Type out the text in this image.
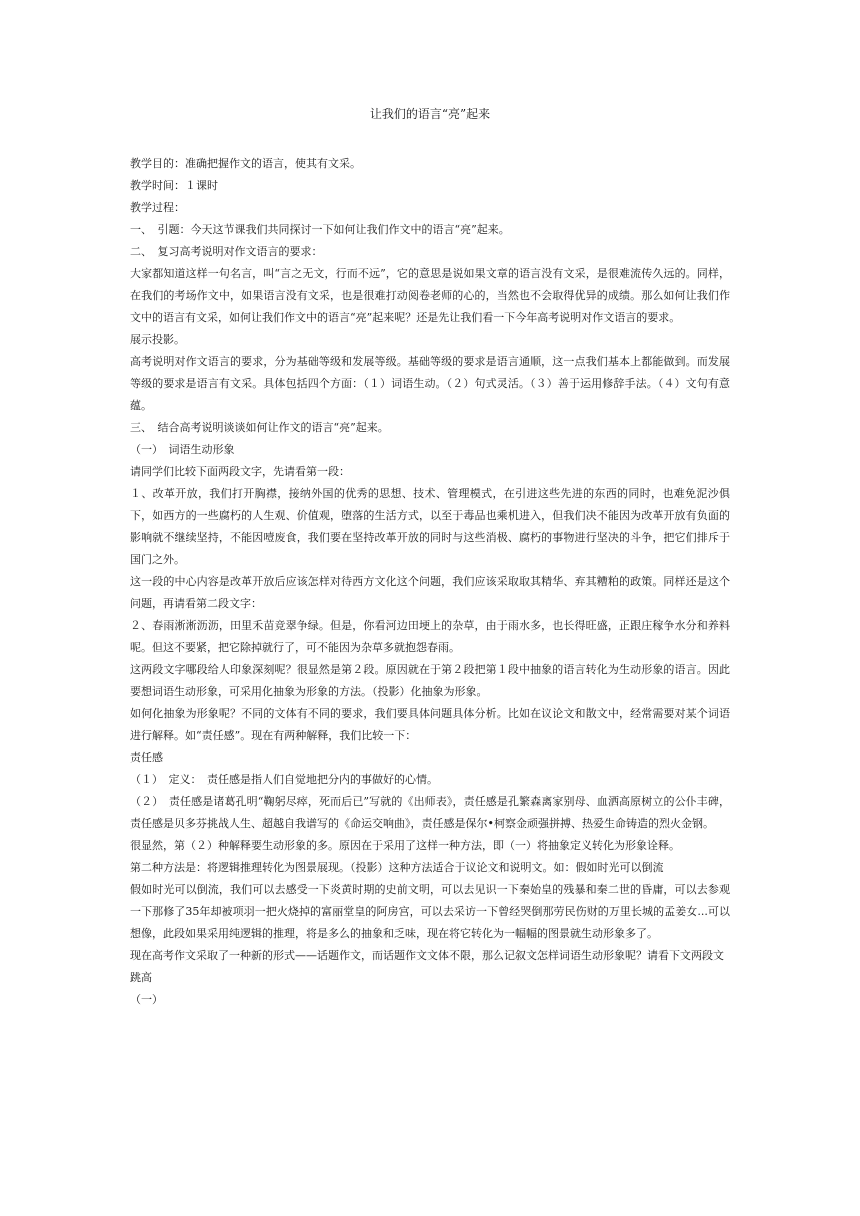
让我们的语言“亮”起来

教学目的：准确把握作文的语言，使其有文采。

教学时间：１课时

教学过程：

一、　引题：今天这节课我们共同探讨一下如何让我们作文中的语言“亮”起来。

二、　复习高考说明对作文语言的要求：

大家都知道这样一句名言，叫“言之无文，行而不远”，它的意思是说如果文章的语言没有文采，是很难流传久远的。同样，在我们的考场作文中，如果语言没有文采，也是很难打动阅卷老师的心的，当然也不会取得优异的成绩。那么如何让我们作文中的语言有文采，如何让我们作文中的语言“亮”起来呢？还是先让我们看一下今年高考说明对作文语言的要求。

展示投影。

高考说明对作文语言的要求，分为基础等级和发展等级。基础等级的要求是语言通顺，这一点我们基本上都能做到。而发展等级的要求是语言有文采。具体包括四个方面：（１）词语生动。（２）句式灵活。（３）善于运用修辞手法。（４）文句有意蕴。

三、　结合高考说明谈谈如何让作文的语言“亮”起来。

（一）　词语生动形象

请同学们比较下面两段文字，先请看第一段：

１、改革开放，我们打开胸襟，接纳外国的优秀的思想、技术、管理模式，在引进这些先进的东西的同时，也难免泥沙俱下，如西方的一些腐朽的人生观、价值观，堕落的生活方式，以至于毒品也乘机进入，但我们决不能因为改革开放有负面的影响就不继续坚持，不能因噎废食，我们要在坚持改革开放的同时与这些消极、腐朽的事物进行坚决的斗争，把它们排斥于国门之外。

这一段的中心内容是改革开放后应该怎样对待西方文化这个问题，我们应该采取取其精华、弃其糟粕的政策。同样还是这个问题，再请看第二段文字：

２、春雨淅淅沥沥，田里禾苗竞翠争绿。但是，你看河边田埂上的杂草，由于雨水多，也长得旺盛，正跟庄稼争水分和养料呢。但这不要紧，把它除掉就行了，可不能因为杂草多就抱怨春雨。

这两段文字哪段给人印象深刻呢？很显然是第２段。原因就在于第２段把第１段中抽象的语言转化为生动形象的语言。因此要想词语生动形象，可采用化抽象为形象的方法。（投影）化抽象为形象。

如何化抽象为形象呢？不同的文体有不同的要求，我们要具体问题具体分析。比如在议论文和散文中，经常需要对某个词语进行解释。如“责任感”。现在有两种解释，我们比较一下：

责任感

（１）　定义：　责任感是指人们自觉地把分内的事做好的心情。

（２）　责任感是诸葛孔明“鞠躬尽瘁，死而后已”写就的《出师表》，责任感是孔繁森离家别母、血洒高原树立的公仆丰碑，责任感是贝多芬挑战人生、超越自我谱写的《命运交响曲》，责任感是保尔•柯察金顽强拼搏、热爱生命铸造的烈火金钢。

很显然，第（２）种解释要生动形象的多。原因在于采用了这样一种方法，即（一）将抽象定义转化为形象诠释。

第二种方法是：将逻辑推理转化为图景展现。（投影）这种方法适合于议论文和说明文。如：假如时光可以倒流

假如时光可以倒流，我们可以去感受一下炎黄时期的史前文明，可以去见识一下秦始皇的残暴和秦二世的昏庸，可以去参观一下那修了35年却被项羽一把火烧掉的富丽堂皇的阿房宫，可以去采访一下曾经哭倒那劳民伤财的万里长城的孟姜女...可以想像，此段如果采用纯逻辑的推理，将是多么的抽象和乏味，现在将它转化为一幅幅的图景就生动形象多了。

现在高考作文采取了一种新的形式——话题作文，而话题作文文体不限，那么记叙文怎样词语生动形象呢？请看下文两段文

跳高

（一）
